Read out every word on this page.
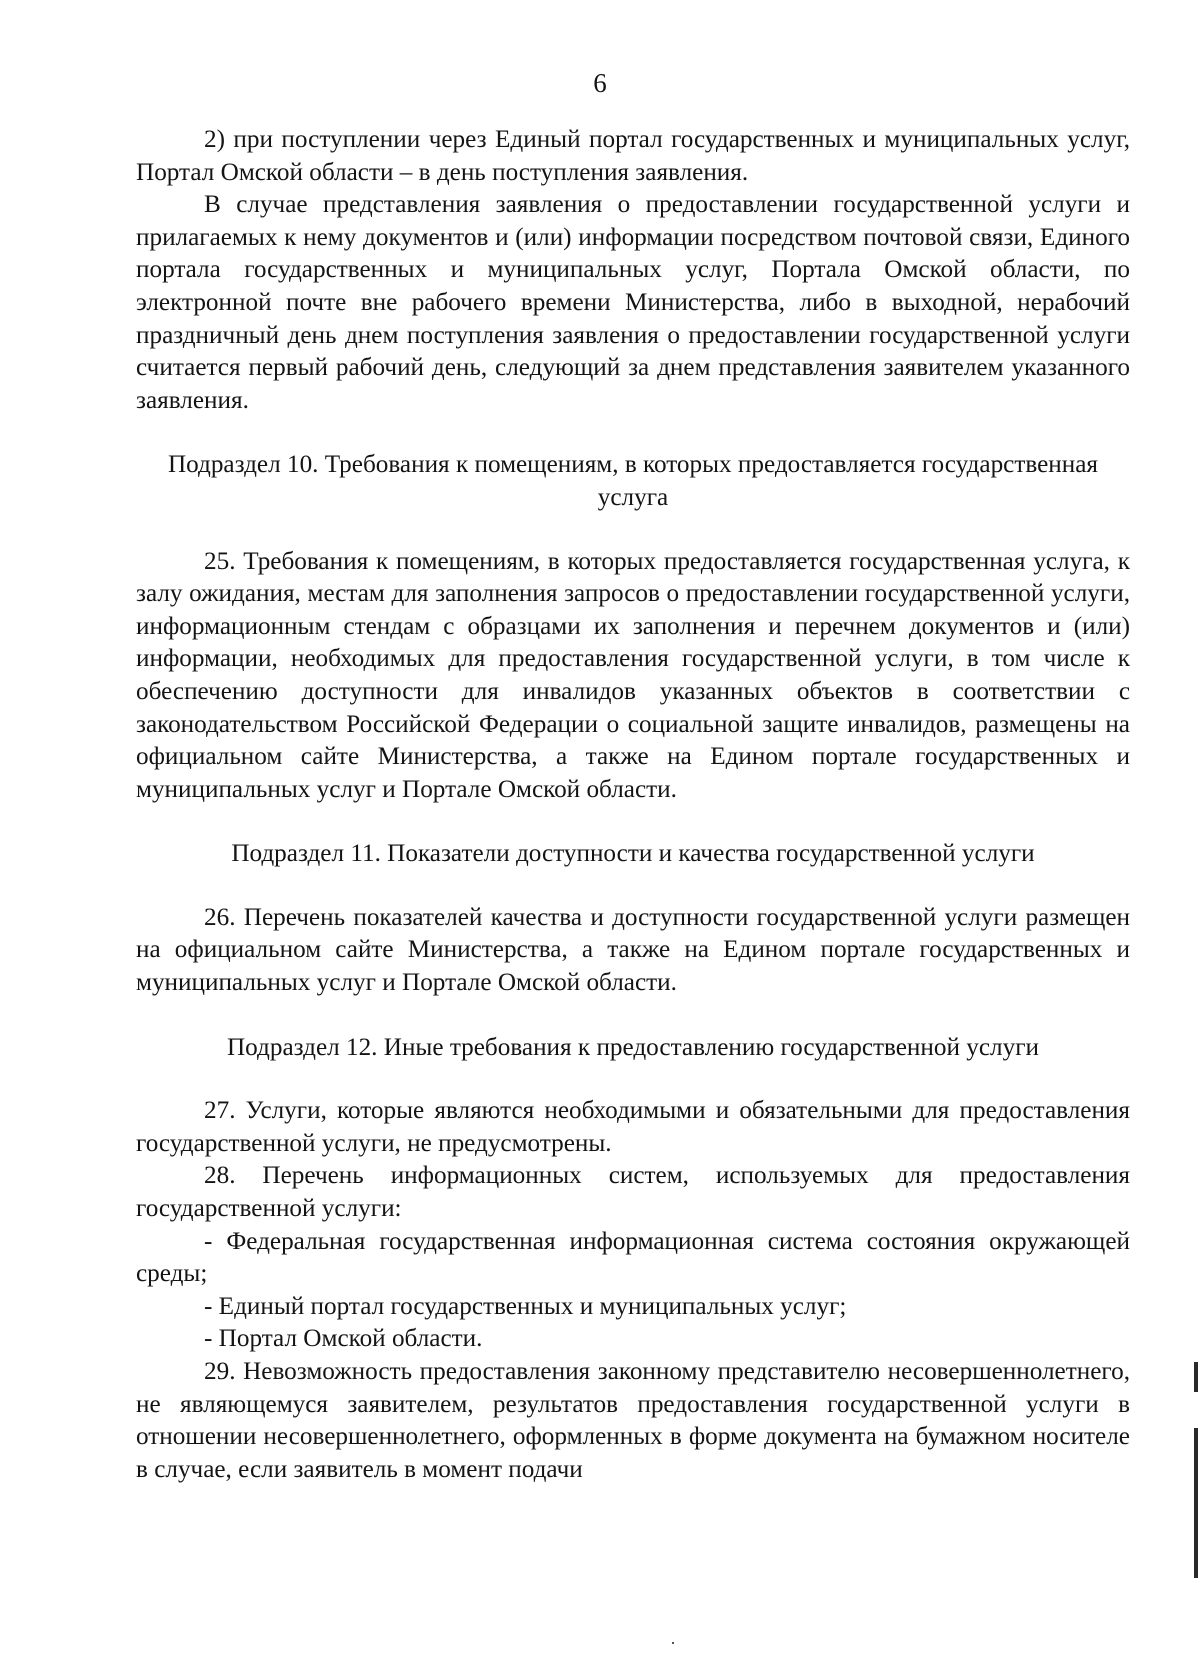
6

2) при поступлении через Единый портал государственных и муниципальных услуг, Портал Омской области – в день поступления заявления.

В случае представления заявления о предоставлении государственной услуги и прилагаемых к нему документов и (или) информации посредством почтовой связи, Единого портала государственных и муниципальных услуг, Портала Омской области, по электронной почте вне рабочего времени Министерства, либо в выходной, нерабочий праздничный день днем поступления заявления о предоставлении государственной услуги считается первый рабочий день, следующий за днем представления заявителем указанного заявления.

Подраздел 10. Требования к помещениям, в которых предоставляется государственная услуга

25. Требования к помещениям, в которых предоставляется государственная услуга, к залу ожидания, местам для заполнения запросов о предоставлении государственной услуги, информационным стендам с образцами их заполнения и перечнем документов и (или) информации, необходимых для предоставления государственной услуги, в том числе к обеспечению доступности для инвалидов указанных объектов в соответствии с законодательством Российской Федерации о социальной защите инвалидов, размещены на официальном сайте Министерства, а также на Едином портале государственных и муниципальных услуг и Портале Омской области.

Подраздел 11. Показатели доступности и качества государственной услуги

26. Перечень показателей качества и доступности государственной услуги размещен на официальном сайте Министерства, а также на Едином портале государственных и муниципальных услуг и Портале Омской области.

Подраздел 12. Иные требования к предоставлению государственной услуги

27. Услуги, которые являются необходимыми и обязательными для предоставления государственной услуги, не предусмотрены.

28. Перечень информационных систем, используемых для предоставления государственной услуги:

- Федеральная государственная информационная система состояния окружающей среды;

- Единый портал государственных и муниципальных услуг;

- Портал Омской области.

29. Невозможность предоставления законному представителю несовершеннолетнего, не являющемуся заявителем, результатов предоставления государственной услуги в отношении несовершеннолетнего, оформленных в форме документа на бумажном носителе в случае, если заявитель в момент подачи
